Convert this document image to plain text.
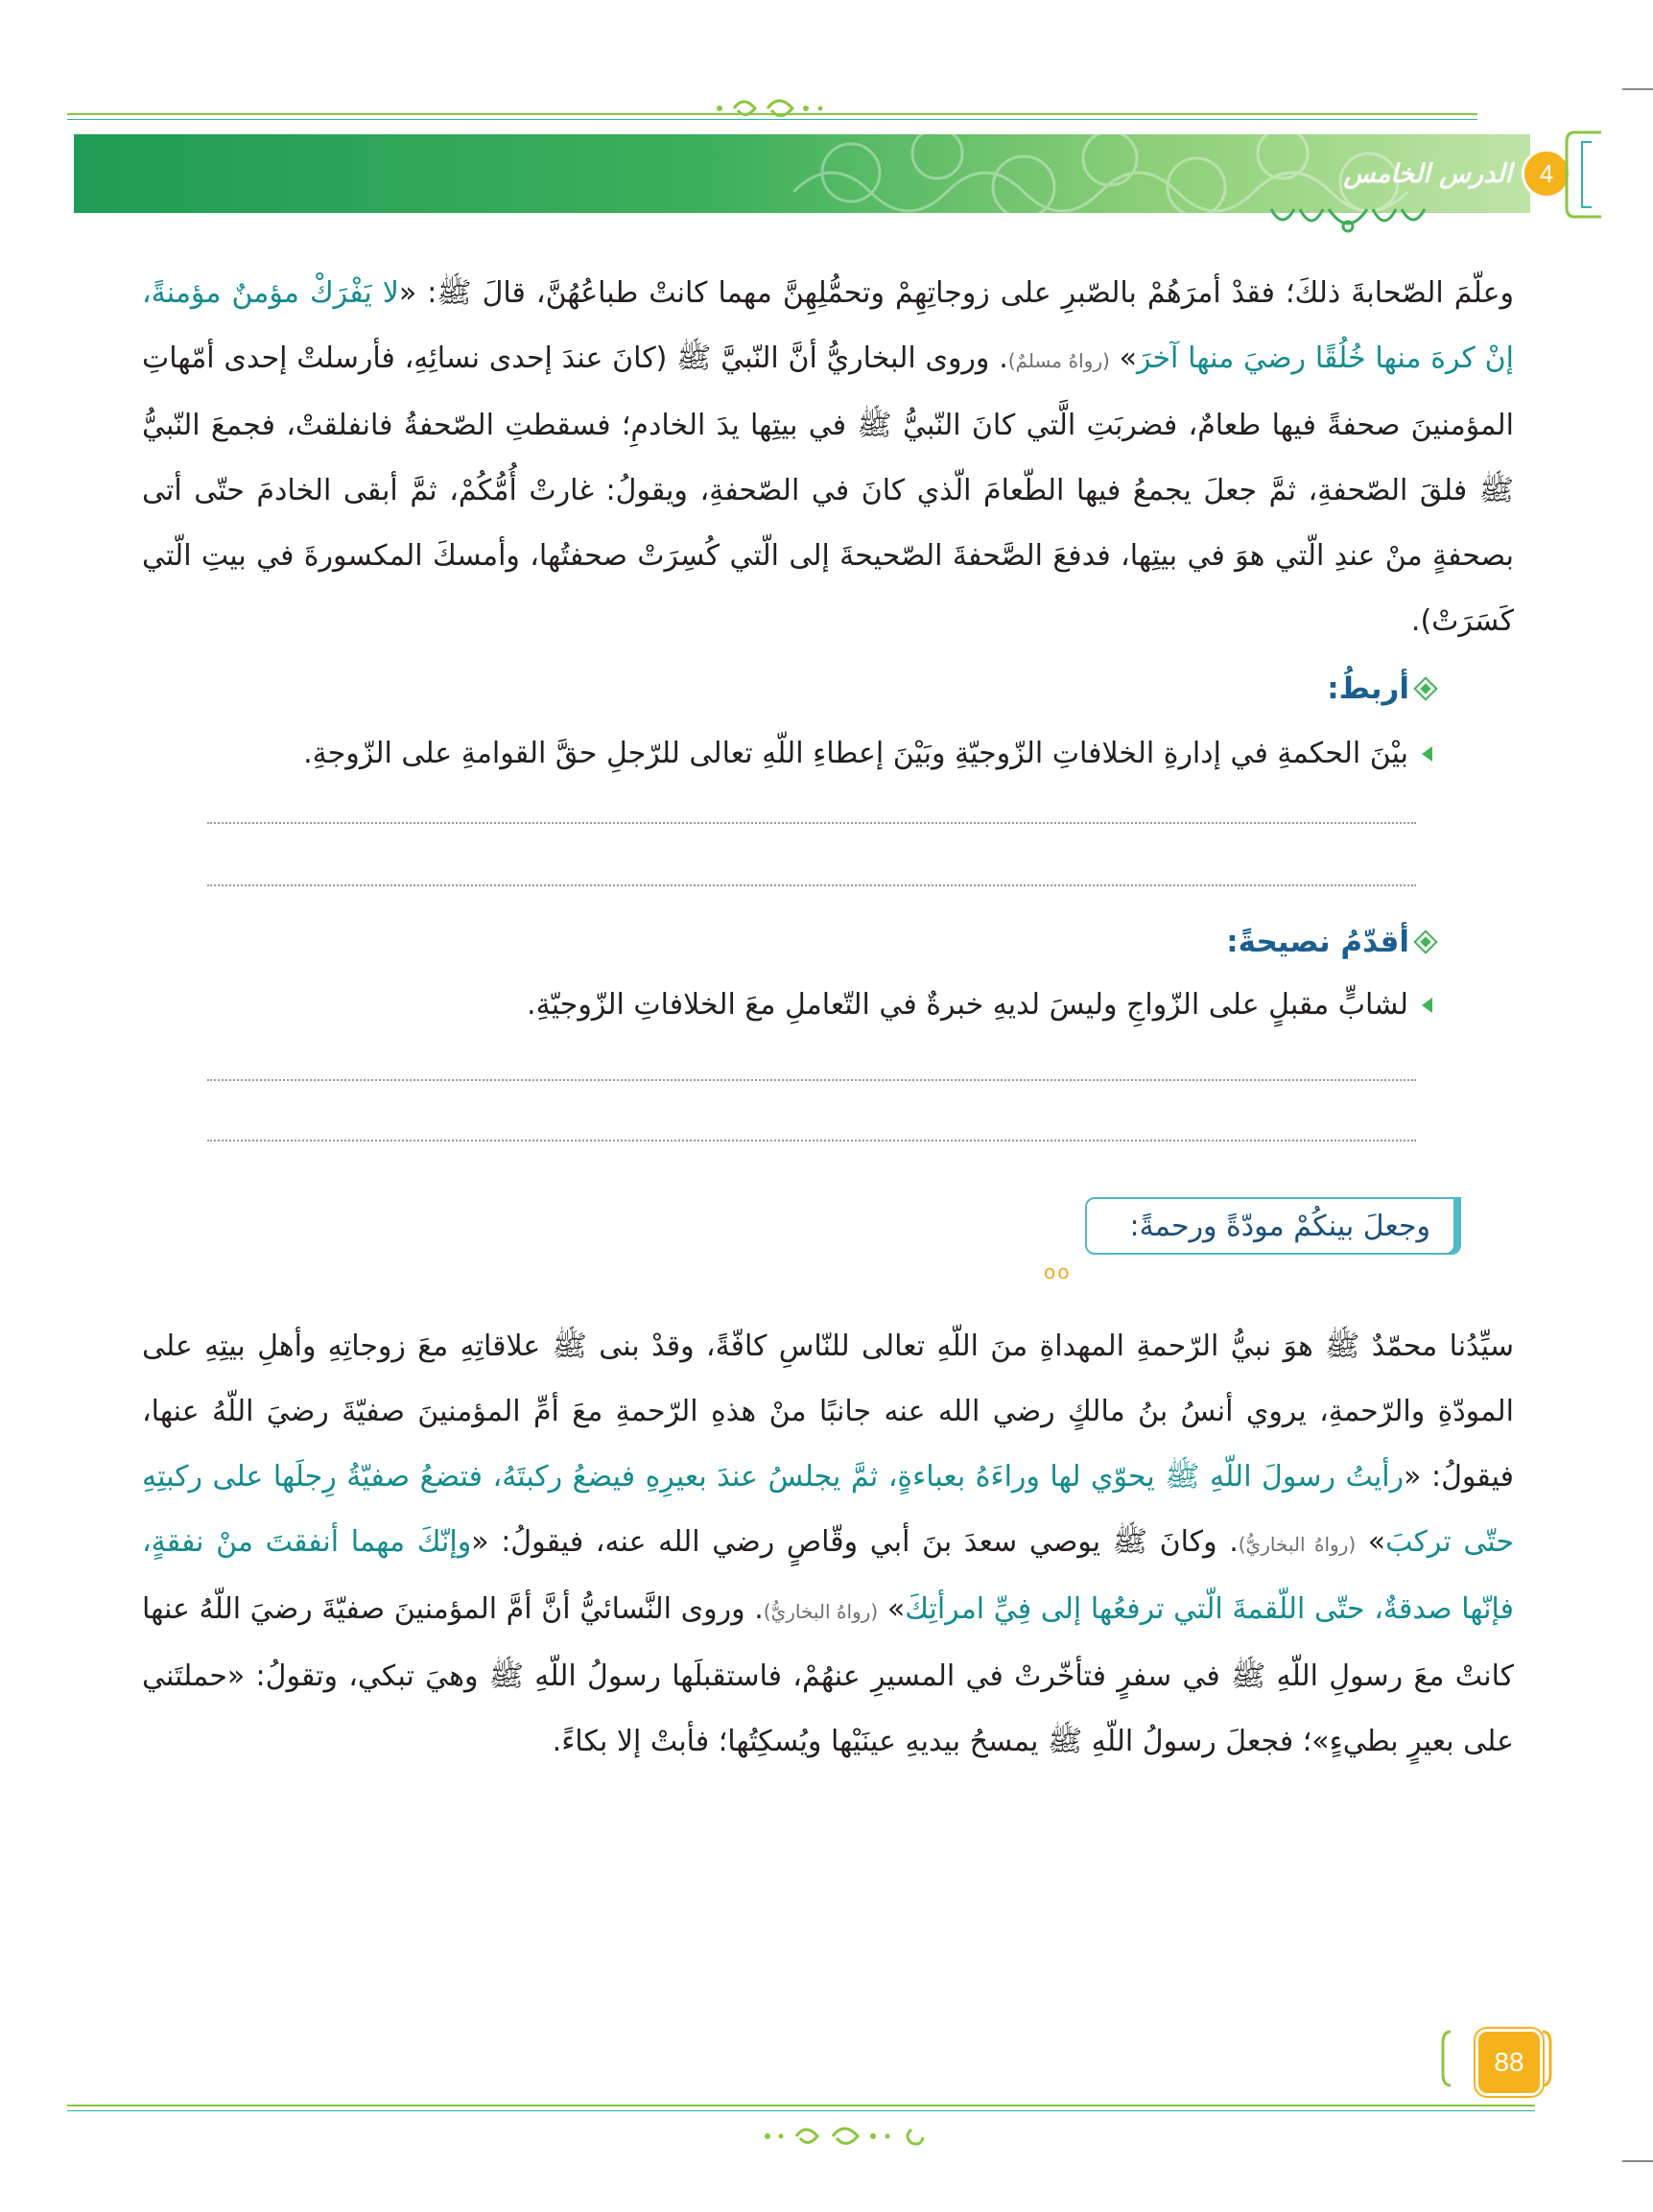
4
الدرس الخامس
وعلّمَ الصّحابةَ ذلكَ؛ فقدْ أمرَهُمْ بالصّبرِ على زوجاتِهِمْ وتحمُّلِهِنَّ مهما كانتْ طباعُهُنَّ، قالَ ﷺ: «لا يَفْرَكْ مؤمنٌ مؤمنةً، إنْ كرهَ منها خُلُقًا رضيَ منها آخرَ» (رواهُ مسلمٌ). وروى البخاريُّ أنَّ النّبيَّ ﷺ (كانَ عندَ إحدى نسائِهِ، فأرسلتْ إحدى أمّهاتِ المؤمنينَ صحفةً فيها طعامٌ، فضربَتِ الَّتي كانَ النّبيُّ ﷺ في بيتِها يدَ الخادمِ؛ فسقطتِ الصّحفةُ فانفلقتْ، فجمعَ النّبيُّ ﷺ فلقَ الصّحفةِ، ثمَّ جعلَ يجمعُ فيها الطّعامَ الّذي كانَ في الصّحفةِ، ويقولُ: غارتْ أُمُّكُمْ، ثمَّ أبقى الخادمَ حتّى أتى بصحفةٍ منْ عندِ الّتي هوَ في بيتِها، فدفعَ الصَّحفةَ الصّحيحةَ إلى الّتي كُسِرَتْ صحفتُها، وأمسكَ المكسورةَ في بيتِ الّتي كَسَرَتْ).
أربطُ:
بيْنَ الحكمةِ في إدارةِ الخلافاتِ الزّوجيّةِ وبَيْنَ إعطاءِ اللّهِ تعالى للرّجلِ حقَّ القوامةِ على الزّوجةِ.
أقدّمُ نصيحةً:
لشابٍّ مقبلٍ على الزّواجِ وليسَ لديهِ خبرةٌ في التّعاملِ معَ الخلافاتِ الزّوجيّةِ.
وجعلَ بينكُمْ مودّةً ورحمةً:
oo
سيِّدُنا محمّدٌ ﷺ هوَ نبيُّ الرّحمةِ المهداةِ منَ اللّهِ تعالى للنّاسِ كافّةً، وقدْ بنى ﷺ علاقاتِهِ معَ زوجاتِهِ وأهلِ بيتِهِ على المودّةِ والرّحمةِ، يروي أنسُ بنُ مالكٍ رضي الله عنه جانبًا منْ هذهِ الرّحمةِ معَ أمِّ المؤمنينَ صفيّةَ رضيَ اللّهُ عنها، فيقولُ: «رأيتُ رسولَ اللّهِ ﷺ يحوّي لها وراءَهُ بعباءةٍ، ثمَّ يجلسُ عندَ بعيرِهِ فيضعُ ركبتَهُ، فتضعُ صفيّةُ رِجلَها على ركبتِهِ حتّى تركبَ» (رواهُ البخاريُّ). وكانَ ﷺ يوصي سعدَ بنَ أبي وقّاصٍ رضي الله عنه، فيقولُ: «وإنّكَ مهما أنفقتَ منْ نفقةٍ، فإنّها صدقةٌ، حتّى اللّقمةَ الّتي ترفعُها إلى فِيِّ امرأتِكَ» (رواهُ البخاريُّ). وروى النَّسائيُّ أنَّ أمَّ المؤمنينَ صفيّةَ رضيَ اللّهُ عنها كانتْ معَ رسولِ اللّهِ ﷺ في سفرٍ فتأخّرتْ في المسيرِ عنهُمْ، فاستقبلَها رسولُ اللّهِ ﷺ وهيَ تبكي، وتقولُ: «حملتَني على بعيرٍ بطيءٍ»؛ فجعلَ رسولُ اللّهِ ﷺ يمسحُ بيديهِ عينَيْها ويُسكِتُها؛ فأبتْ إلا بكاءً.
88
